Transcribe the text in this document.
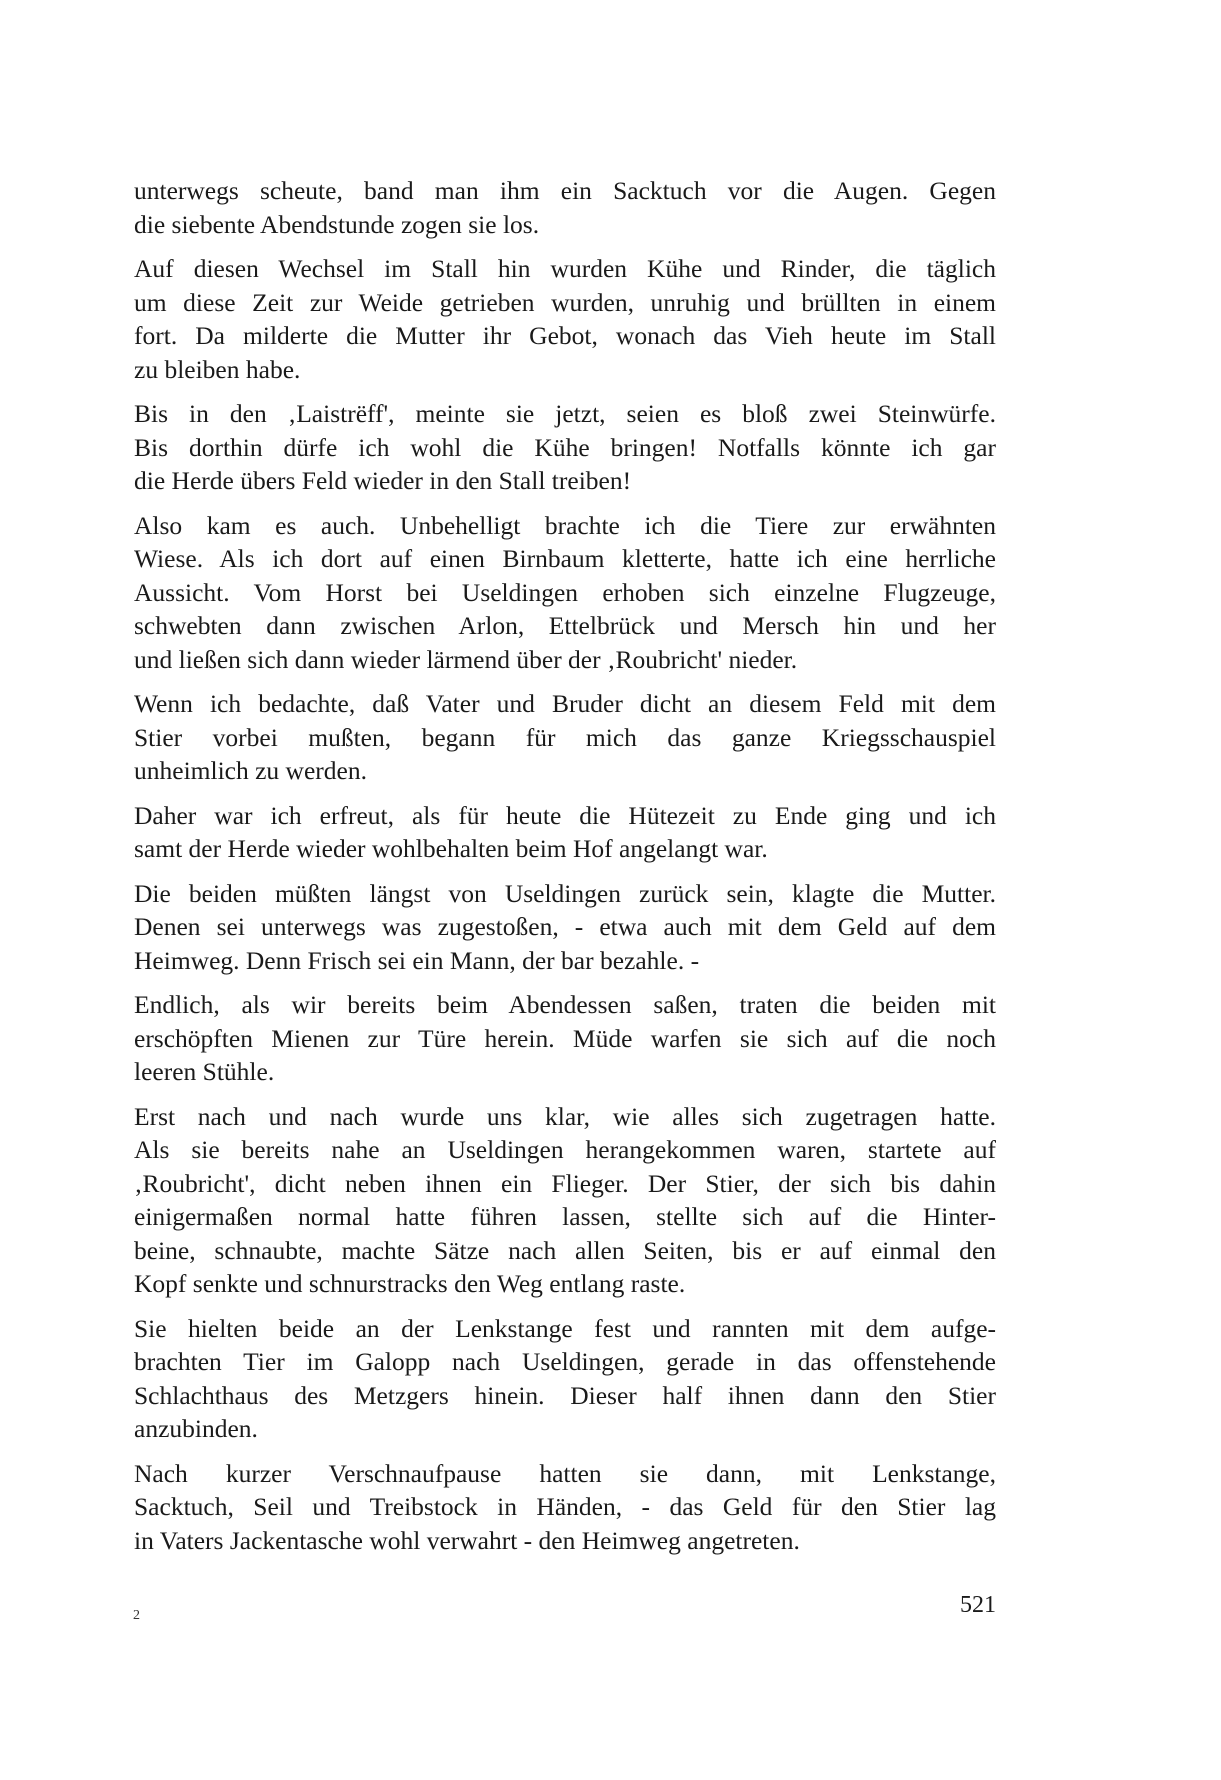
unterwegs scheute, band man ihm ein Sacktuch vor die Augen. Gegen
die siebente Abendstunde zogen sie los.

Auf diesen Wechsel im Stall hin wurden Kühe und Rinder, die täglich
um diese Zeit zur Weide getrieben wurden, unruhig und brüllten in einem
fort. Da milderte die Mutter ihr Gebot, wonach das Vieh heute im Stall
zu bleiben habe.

Bis in den ‚Laistrëff', meinte sie jetzt, seien es bloß zwei Steinwürfe.
Bis dorthin dürfe ich wohl die Kühe bringen! Notfalls könnte ich gar
die Herde übers Feld wieder in den Stall treiben!

Also kam es auch. Unbehelligt brachte ich die Tiere zur erwähnten
Wiese. Als ich dort auf einen Birnbaum kletterte, hatte ich eine herrliche
Aussicht. Vom Horst bei Useldingen erhoben sich einzelne Flugzeuge,
schwebten dann zwischen Arlon, Ettelbrück und Mersch hin und her
und ließen sich dann wieder lärmend über der ‚Roubricht' nieder.

Wenn ich bedachte, daß Vater und Bruder dicht an diesem Feld mit dem
Stier vorbei mußten, begann für mich das ganze Kriegsschauspiel
unheimlich zu werden.

Daher war ich erfreut, als für heute die Hütezeit zu Ende ging und ich
samt der Herde wieder wohlbehalten beim Hof angelangt war.

Die beiden müßten längst von Useldingen zurück sein, klagte die Mutter.
Denen sei unterwegs was zugestoßen, - etwa auch mit dem Geld auf dem
Heimweg. Denn Frisch sei ein Mann, der bar bezahle. -

Endlich, als wir bereits beim Abendessen saßen, traten die beiden mit
erschöpften Mienen zur Türe herein. Müde warfen sie sich auf die noch
leeren Stühle.

Erst nach und nach wurde uns klar, wie alles sich zugetragen hatte.
Als sie bereits nahe an Useldingen herangekommen waren, startete auf
‚Roubricht', dicht neben ihnen ein Flieger. Der Stier, der sich bis dahin
einigermaßen normal hatte führen lassen, stellte sich auf die Hinter-
beine, schnaubte, machte Sätze nach allen Seiten, bis er auf einmal den
Kopf senkte und schnurstracks den Weg entlang raste.

Sie hielten beide an der Lenkstange fest und rannten mit dem aufge-
brachten Tier im Galopp nach Useldingen, gerade in das offenstehende
Schlachthaus des Metzgers hinein. Dieser half ihnen dann den Stier
anzubinden.

Nach kurzer Verschnaufpause hatten sie dann, mit Lenkstange,
Sacktuch, Seil und Treibstock in Händen, - das Geld für den Stier lag
in Vaters Jackentasche wohl verwahrt - den Heimweg angetreten.

521
2
